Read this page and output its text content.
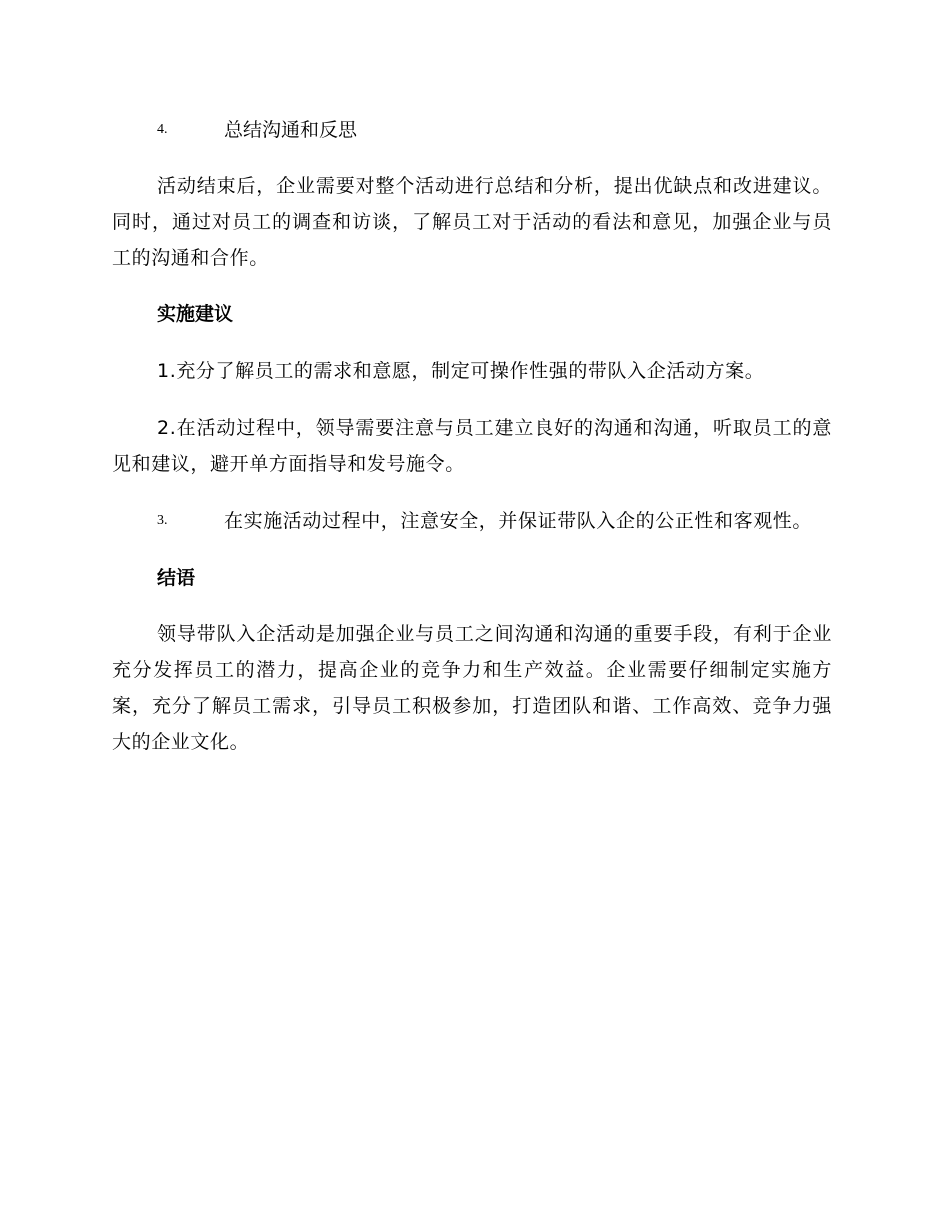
4.	总结沟通和反思

活动结束后，企业需要对整个活动进行总结和分析，提出优缺点和改进建议。同时，通过对员工的调查和访谈，了解员工对于活动的看法和意见，加强企业与员工的沟通和合作。

实施建议

1.充分了解员工的需求和意愿，制定可操作性强的带队入企活动方案。

2.在活动过程中，领导需要注意与员工建立良好的沟通和沟通，听取员工的意见和建议，避开单方面指导和发号施令。

3.	在实施活动过程中，注意安全，并保证带队入企的公正性和客观性。
结语

领导带队入企活动是加强企业与员工之间沟通和沟通的重要手段，有利于企业充分发挥员工的潜力，提高企业的竞争力和生产效益。企业需要仔细制定实施方案，充分了解员工需求，引导员工积极参加，打造团队和谐、工作高效、竞争力强大的企业文化。
